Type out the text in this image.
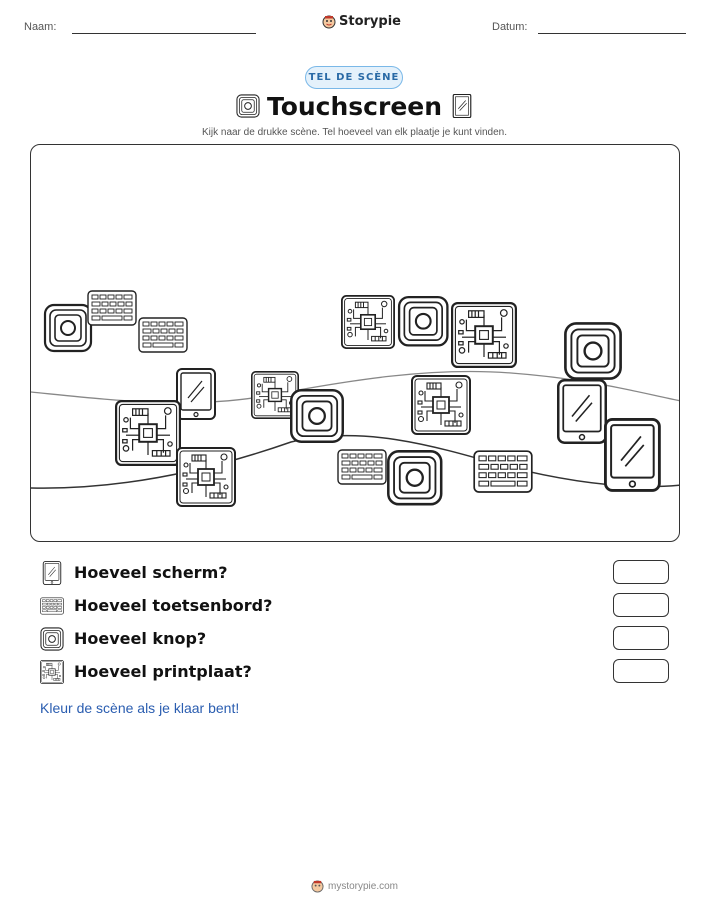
Naam:	Storypie	Datum:
TEL DE SCÈNE
Touchscreen
Kijk naar de drukke scène. Tel hoeveel van elk plaatje je kunt vinden.
Hoeveel scherm?
Hoeveel toetsenbord?
Hoeveel knop?
Hoeveel printplaat?
Kleur de scène als je klaar bent!
mystorypie.com
